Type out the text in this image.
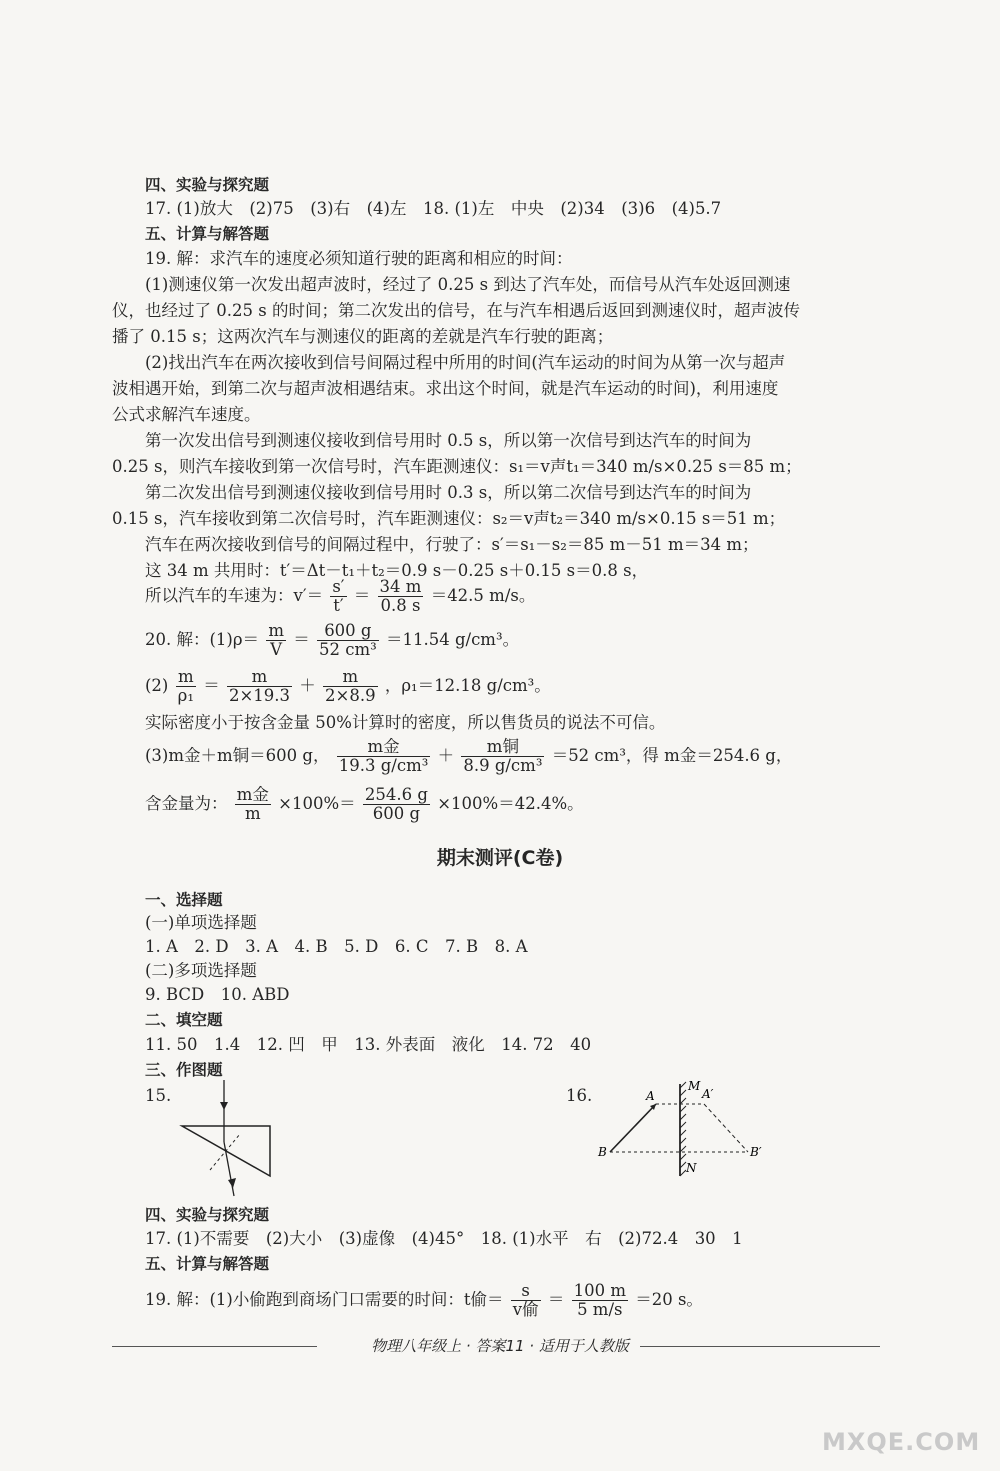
四、实验与探究题
17. (1)放大　(2)75　(3)右　(4)左　18. (1)左　中央　(2)34　(3)6　(4)5.7
五、计算与解答题
19. 解：求汽车的速度必须知道行驶的距离和相应的时间：
(1)测速仪第一次发出超声波时，经过了 0.25 s 到达了汽车处，而信号从汽车处返回测速
仪，也经过了 0.25 s 的时间；第二次发出的信号，在与汽车相遇后返回到测速仪时，超声波传
播了 0.15 s；这两次汽车与测速仪的距离的差就是汽车行驶的距离；
(2)找出汽车在两次接收到信号间隔过程中所用的时间(汽车运动的时间为从第一次与超声
波相遇开始，到第二次与超声波相遇结束。求出这个时间，就是汽车运动的时间)，利用速度
公式求解汽车速度。
第一次发出信号到测速仪接收到信号用时 0.5 s，所以第一次信号到达汽车的时间为
0.25 s，则汽车接收到第一次信号时，汽车距测速仪：s₁＝v声t₁＝340 m/s×0.25 s＝85 m；
第二次发出信号到测速仪接收到信号用时 0.3 s，所以第二次信号到达汽车的时间为
0.15 s，汽车接收到第二次信号时，汽车距测速仪：s₂＝v声t₂＝340 m/s×0.15 s＝51 m；
汽车在两次接收到信号的间隔过程中，行驶了：s′＝s₁－s₂＝85 m－51 m＝34 m；
这 34 m 共用时：t′＝Δt－t₁＋t₂＝0.9 s－0.25 s＋0.15 s＝0.8 s，
所以汽车的车速为：$v'= \frac{s'}{t'} = \frac{34 m}{0.8 s} =42.5$ m/s。
20. 解：$(1)\rho= \frac{m}{V} = \frac{600 g}{\text{52 cm³}} =11.54$ g/cm³。
$(2) \frac{m}{\text{ρ₁}} = \frac{m}{2\times 19.3} + \frac{m}{2\times 8.9}$ ，ρ₁＝12.18 g/cm³。
实际密度小于按含金量 50%计算时的密度，所以售货员的说法不可信。
(3)m金＋m铜＝600 g， $\frac{\text{m金}}{\text{19.3 g/cm³}} + \frac{\text{m铜}}{\text{8.9 g/cm³}} =52$ cm³，得 m金＝254.6 g，
含金量为： $\frac{\text{m金}}{m} \times 100\%= \frac{254.6 g}{600 g} \times 100\%=42.4\%$。
期末测评(C卷)
一、选择题
(一)单项选择题
1. A　2. D　3. A　4. B　5. D　6. C　7. B　8. A
(二)多项选择题
9. BCD　10. ABD
二、填空题
11. 50　1.4　12. 凹　甲　13. 外表面　液化　14. 72　40
三、作图题
15.	16.	A
M
A′
B	B′
N
四、实验与探究题
17. (1)不需要　(2)大小　(3)虚像　(4)45°　18. (1)水平　右　(2)72.4　30　1
五、计算与解答题
19. 解：(1)小偷跑到商场门口需要的时间：t偷＝ $\frac{s}{\text{v偷}} = \frac{100 m}{5 m/s} =20$ s。
物理八年级上 · 答案11 · 适用于人教版
MXQE.COM
